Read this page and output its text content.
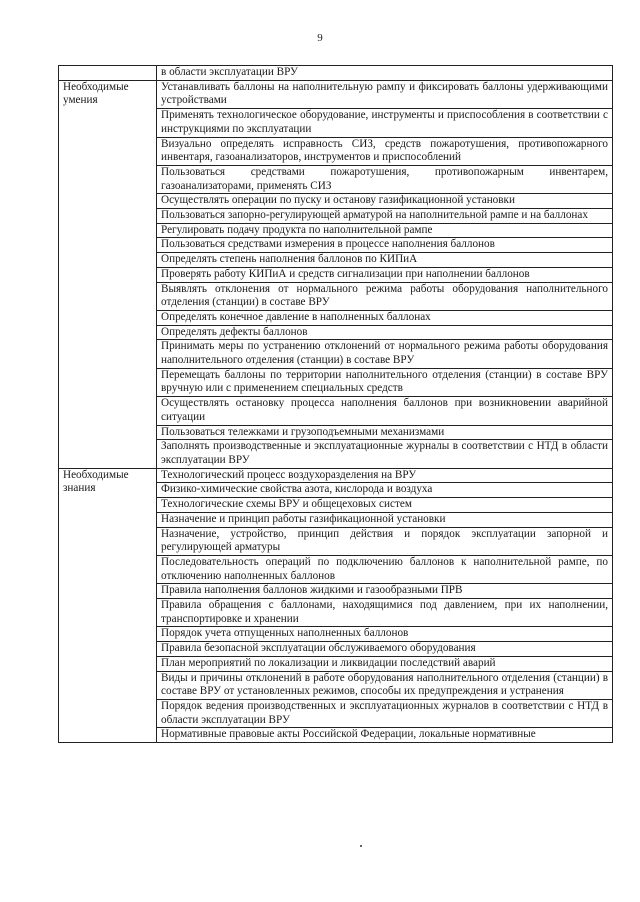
9
	в области эксплуатации ВРУ
Необходимые умения	Устанавливать баллоны на наполнительную рампу и фиксировать баллоны удерживающими устройствами
	Применять технологическое оборудование, инструменты и приспособления в соответствии с инструкциями по эксплуатации
	Визуально определять исправность СИЗ, средств пожаротушения, противопожарного инвентаря, газоанализаторов, инструментов и приспособлений
	Пользоваться средствами пожаротушения, противопожарным инвентарем, газоанализаторами, применять СИЗ
	Осуществлять операции по пуску и останову газификационной установки
	Пользоваться запорно-регулирующей арматурой на наполнительной рампе и на баллонах
	Регулировать подачу продукта по наполнительной рампе
	Пользоваться средствами измерения в процессе наполнения баллонов
	Определять степень наполнения баллонов по КИПиА
	Проверять работу КИПиА и средств сигнализации при наполнении баллонов
	Выявлять отклонения от нормального режима работы оборудования наполнительного отделения (станции) в составе ВРУ
	Определять конечное давление в наполненных баллонах
	Определять дефекты баллонов
	Принимать меры по устранению отклонений от нормального режима работы оборудования наполнительного отделения (станции) в составе ВРУ
	Перемещать баллоны по территории наполнительного отделения (станции) в составе ВРУ вручную или с применением специальных средств
	Осуществлять остановку процесса наполнения баллонов при возникновении аварийной ситуации
	Пользоваться тележками и грузоподъемными механизмами
	Заполнять производственные и эксплуатационные журналы в соответствии с НТД в области эксплуатации ВРУ
Необходимые знания	Технологический процесс воздухоразделения на ВРУ
	Физико-химические свойства азота, кислорода и воздуха
	Технологические схемы ВРУ и общецеховых систем
	Назначение и принцип работы газификационной установки
	Назначение, устройство, принцип действия и порядок эксплуатации запорной и регулирующей арматуры
	Последовательность операций по подключению баллонов к наполнительной рампе, по отключению наполненных баллонов
	Правила наполнения баллонов жидкими и газообразными ПРВ
	Правила обращения с баллонами, находящимися под давлением, при их наполнении, транспортировке и хранении
	Порядок учета отпущенных наполненных баллонов
	Правила безопасной эксплуатации обслуживаемого оборудования
	План мероприятий по локализации и ликвидации последствий аварий
	Виды и причины отклонений в работе оборудования наполнительного отделения (станции) в составе ВРУ от установленных режимов, способы их предупреждения и устранения
	Порядок ведения производственных и эксплуатационных журналов в соответствии с НТД в области эксплуатации ВРУ
	Нормативные правовые акты Российской Федерации, локальные нормативные
